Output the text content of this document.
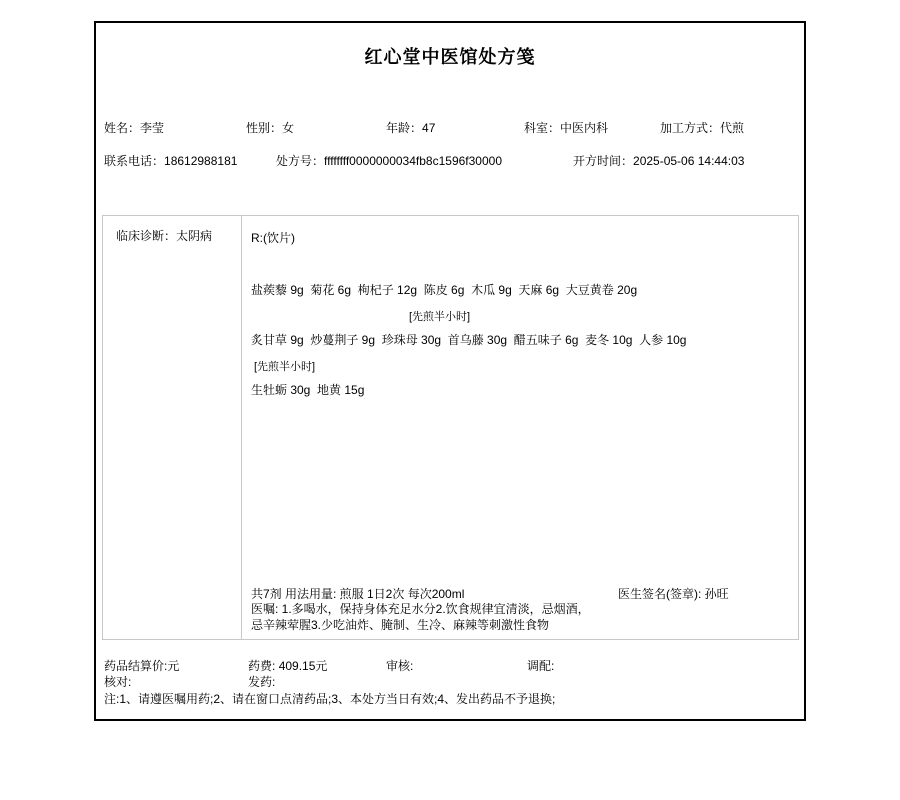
红心堂中医馆处方笺
姓名：李莹	性别：女	年龄：47	科室：中医内科	加工方式：代煎
联系电话：18612988181	处方号：ffffffff0000000034fb8c1596f30000	开方时间：2025-05-06 14:44:03
临床诊断：太阴病	R:(饮片)
盐蒺藜 9g  菊花 6g  枸杞子 12g  陈皮 6g  木瓜 9g  天麻 6g  大豆黄卷 20g
[先煎半小时]
炙甘草 9g  炒蔓荆子 9g  珍珠母 30g  首乌藤 30g  醋五味子 6g  麦冬 10g  人参 10g
[先煎半小时]
生牡蛎 30g  地黄 15g
共7剂 用法用量: 煎服 1日2次 每次200ml	医生签名(签章): 孙旺
医嘱: 1.多喝水，保持身体充足水分2.饮食规律宜清淡，忌烟酒，
忌辛辣荤腥3.少吃油炸、腌制、生冷、麻辣等刺激性食物
药品结算价:元	药费: 409.15元	审核:	调配:
核对:	发药:
注:1、请遵医嘱用药;2、请在窗口点清药品;3、本处方当日有效;4、发出药品不予退换;
